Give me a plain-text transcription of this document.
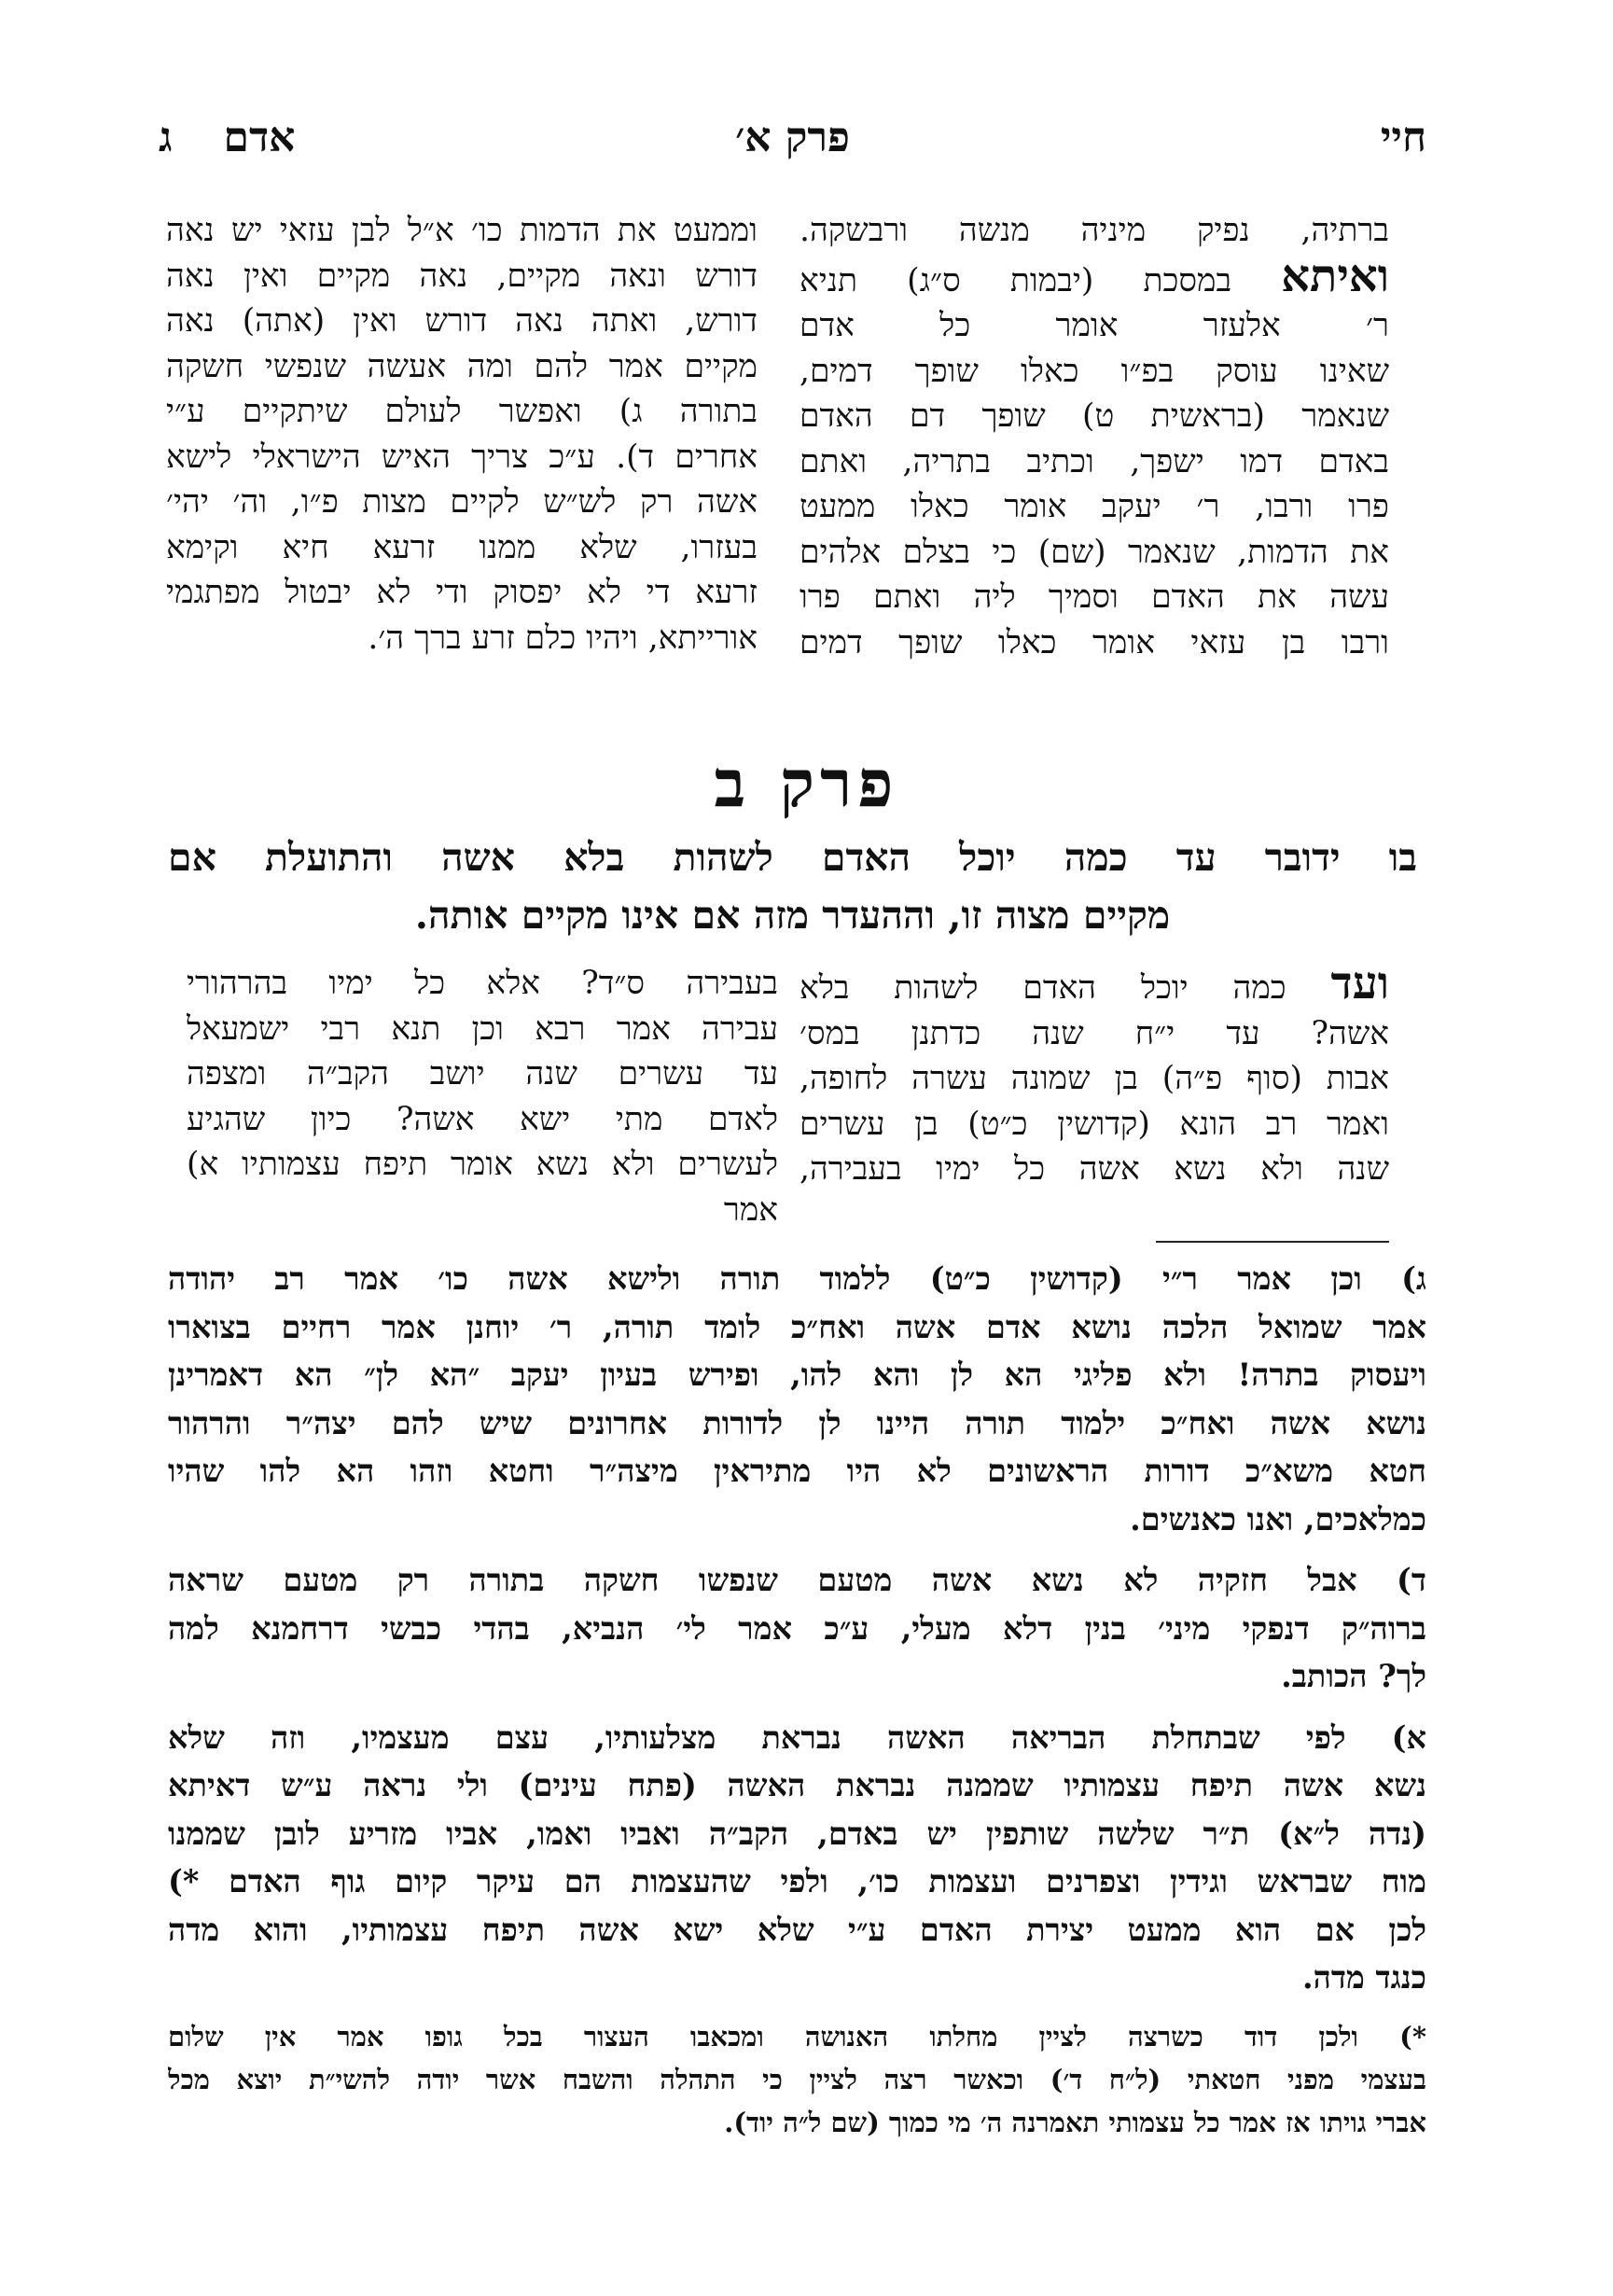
חיי
פרק א׳
אדםג
ברתיה, נפיק מיניה מנשה ורבשקה.
ואיתא במסכת (יבמות ס״ג) תניא
ר׳ אלעזר אומר כל אדם
שאינו עוסק בפ״ו כאלו שופך דמים,
שנאמר (בראשית ט) שופך דם האדם
באדם דמו ישפך, וכתיב בתריה, ואתם
פרו ורבו, ר׳ יעקב אומר כאלו ממעט
את הדמות, שנאמר (שם) כי בצלם אלהים
עשה את האדם וסמיך ליה ואתם פרו
ורבו בן עזאי אומר כאלו שופך דמים
וממעט את הדמות כו׳ א״ל לבן עזאי יש נאה
דורש ונאה מקיים, נאה מקיים ואין נאה
דורש, ואתה נאה דורש ואין (אתה) נאה
מקיים אמר להם ומה אעשה שנפשי חשקה
בתורה ג) ואפשר לעולם שיתקיים ע״י
אחרים ד). ע״כ צריך האיש הישראלי לישא
אשה רק לש״ש לקיים מצות פ״ו, וה׳ יהי׳
בעזרו, שלא ממנו זרעא חיא וקימא
זרעא די לא יפסוק ודי לא יבטול מפתגמי
אורייתא, ויהיו כלם זרע ברך ה׳.
פרק ב
בו ידובר עד כמה יוכל האדם לשהות בלא אשה והתועלת אם
מקיים מצוה זו, וההעדר מזה אם אינו מקיים אותה.
ועד כמה יוכל האדם לשהות בלא
אשה? עד י״ח שנה כדתנן במס׳
אבות (סוף פ״ה) בן שמונה עשרה לחופה,
ואמר רב הונא (קדושין כ״ט) בן עשרים
שנה ולא נשא אשה כל ימיו בעבירה,
בעבירה ס״ד? אלא כל ימיו בהרהורי
עבירה אמר רבא וכן תנא רבי ישמעאל
עד עשרים שנה יושב הקב״ה ומצפה
לאדם מתי ישא אשה? כיון שהגיע
לעשרים ולא נשא אומר תיפח עצמותיו א)
אמר
ג) וכן אמר ר״י (קדושין כ״ט) ללמוד תורה ולישא אשה כו׳ אמר רב יהודה
אמר שמואל הלכה נושא אדם אשה ואח״כ לומד תורה, ר׳ יוחנן אמר רחיים בצוארו
ויעסוק בתרה! ולא פליגי הא לן והא להו, ופירש בעיון יעקב ״הא לן״ הא דאמרינן
נושא אשה ואח״כ ילמוד תורה היינו לן לדורות אחרונים שיש להם יצה״ר והרהור
חטא משא״כ דורות הראשונים לא היו מתיראין מיצה״ר וחטא וזהו הא להו שהיו
כמלאכים, ואנו כאנשים.
ד) אבל חזקיה לא נשא אשה מטעם שנפשו חשקה בתורה רק מטעם שראה
ברוה״ק דנפקי מיני׳ בנין דלא מעלי, ע״כ אמר לי׳ הנביא, בהדי כבשי דרחמנא למה
לך? הכותב.
א) לפי שבתחלת הבריאה האשה נבראת מצלעותיו, עצם מעצמיו, וזה שלא
נשא אשה תיפח עצמותיו שממנה נבראת האשה (פתח עינים) ולי נראה ע״ש דאיתא
(נדה ל״א) ת״ר שלשה שותפין יש באדם, הקב״ה ואביו ואמו, אביו מזריע לובן שממנו
מוח שבראש וגידין וצפרנים ועצמות כו׳, ולפי שהעצמות הם עיקר קיום גוף האדם *)
לכן אם הוא ממעט יצירת האדם ע״י שלא ישא אשה תיפח עצמותיו, והוא מדה
כנגד מדה.
*) ולכן דוד כשרצה לציין מחלתו האנושה ומכאבו העצור בכל גופו אמר אין שלום
בעצמי מפני חטאתי (ל״ח ד׳) וכאשר רצה לציין כי התהלה והשבח אשר יודה להשי״ת יוצא מכל
אברי גויתו אז אמר כל עצמותי תאמרנה ה׳ מי כמוך (שם ל״ה יוד).
